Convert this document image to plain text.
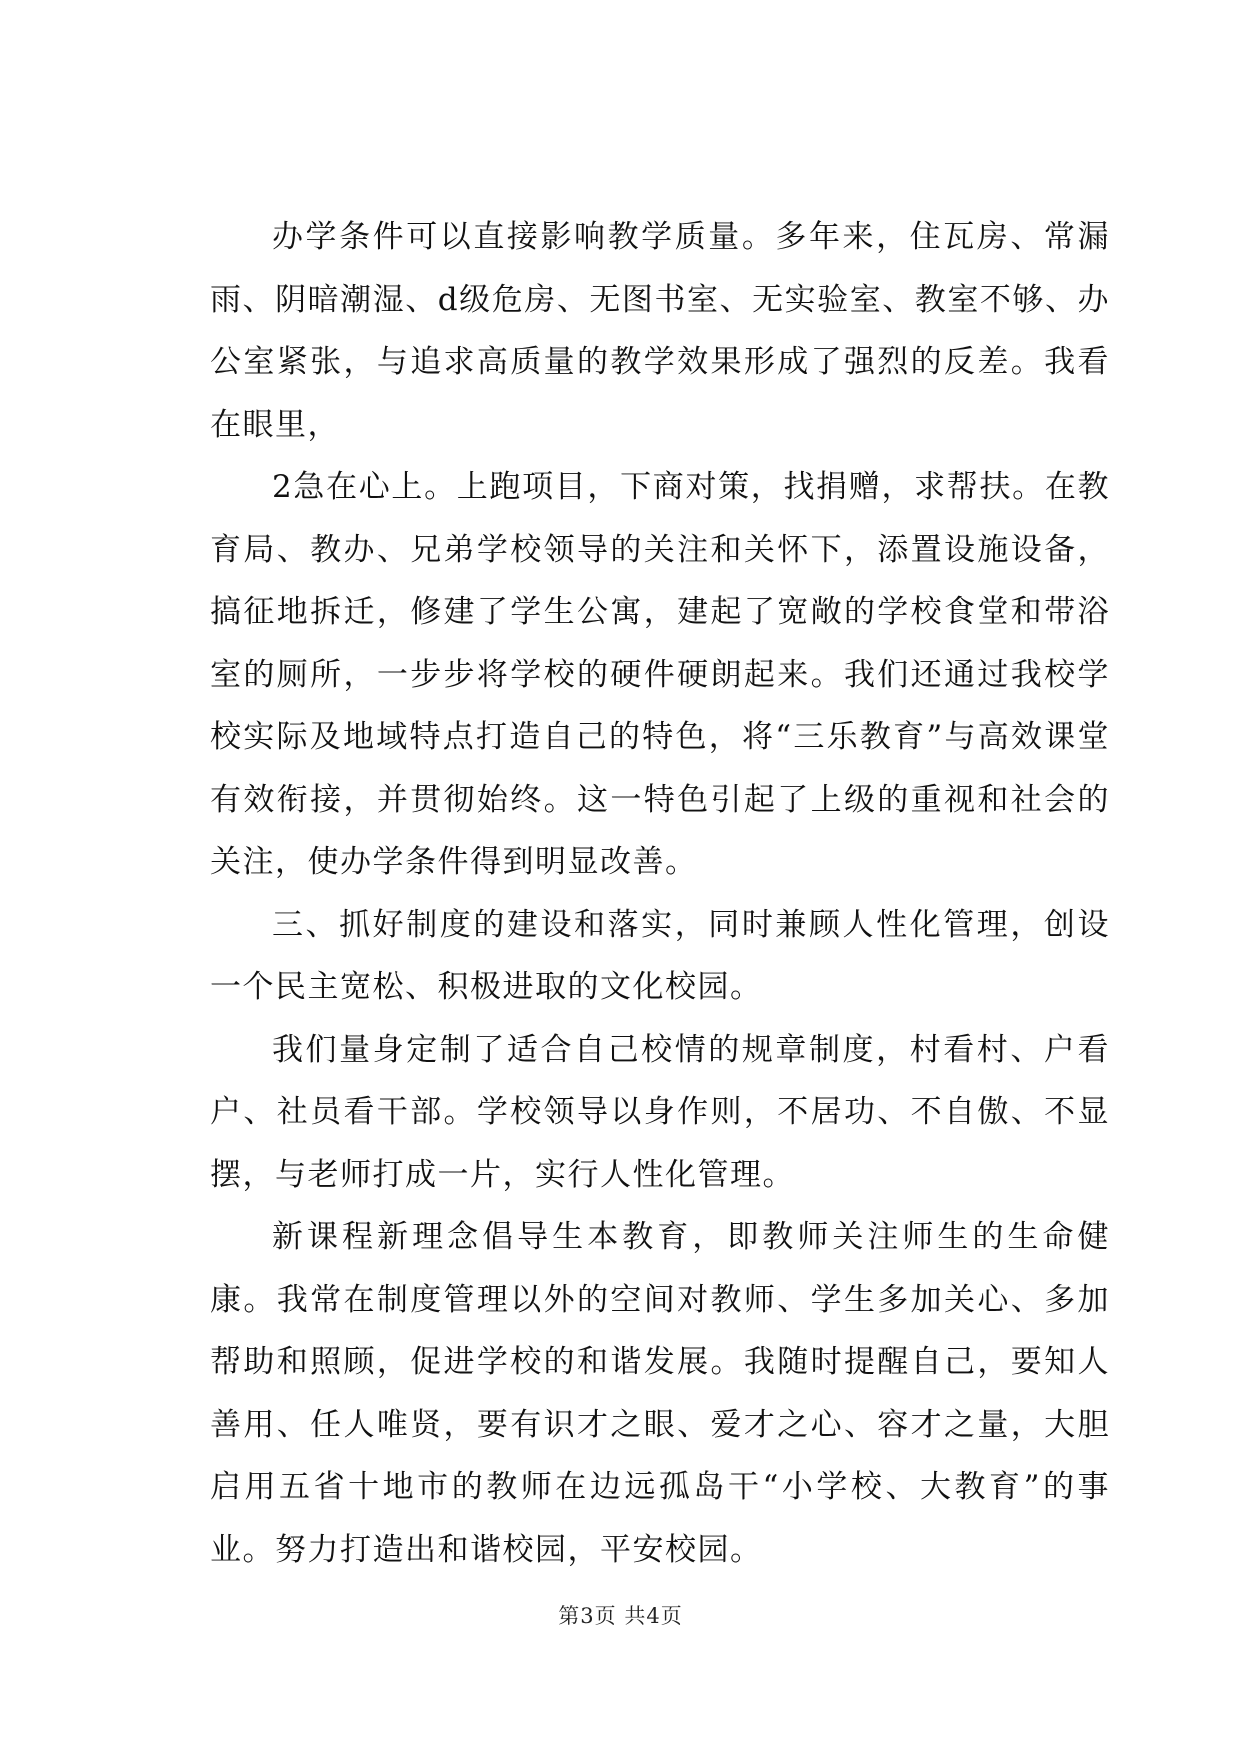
办学条件可以直接影响教学质量。多年来，住瓦房、常漏雨、阴暗潮湿、d级危房、无图书室、无实验室、教室不够、办公室紧张，与追求高质量的教学效果形成了强烈的反差。我看在眼里，

2急在心上。上跑项目，下商对策，找捐赠，求帮扶。在教育局、教办、兄弟学校领导的关注和关怀下，添置设施设备，搞征地拆迁，修建了学生公寓，建起了宽敞的学校食堂和带浴室的厕所，一步步将学校的硬件硬朗起来。我们还通过我校学校实际及地域特点打造自己的特色，将“三乐教育”与高效课堂有效衔接，并贯彻始终。这一特色引起了上级的重视和社会的关注，使办学条件得到明显改善。

三、抓好制度的建设和落实，同时兼顾人性化管理，创设一个民主宽松、积极进取的文化校园。

我们量身定制了适合自己校情的规章制度，村看村、户看户、社员看干部。学校领导以身作则，不居功、不自傲、不显摆，与老师打成一片，实行人性化管理。

新课程新理念倡导生本教育，即教师关注师生的生命健康。我常在制度管理以外的空间对教师、学生多加关心、多加帮助和照顾，促进学校的和谐发展。我随时提醒自己，要知人善用、任人唯贤，要有识才之眼、爱才之心、容才之量，大胆启用五省十地市的教师在边远孤岛干“小学校、大教育”的事业。努力打造出和谐校园，平安校园。

第3页 共4页
